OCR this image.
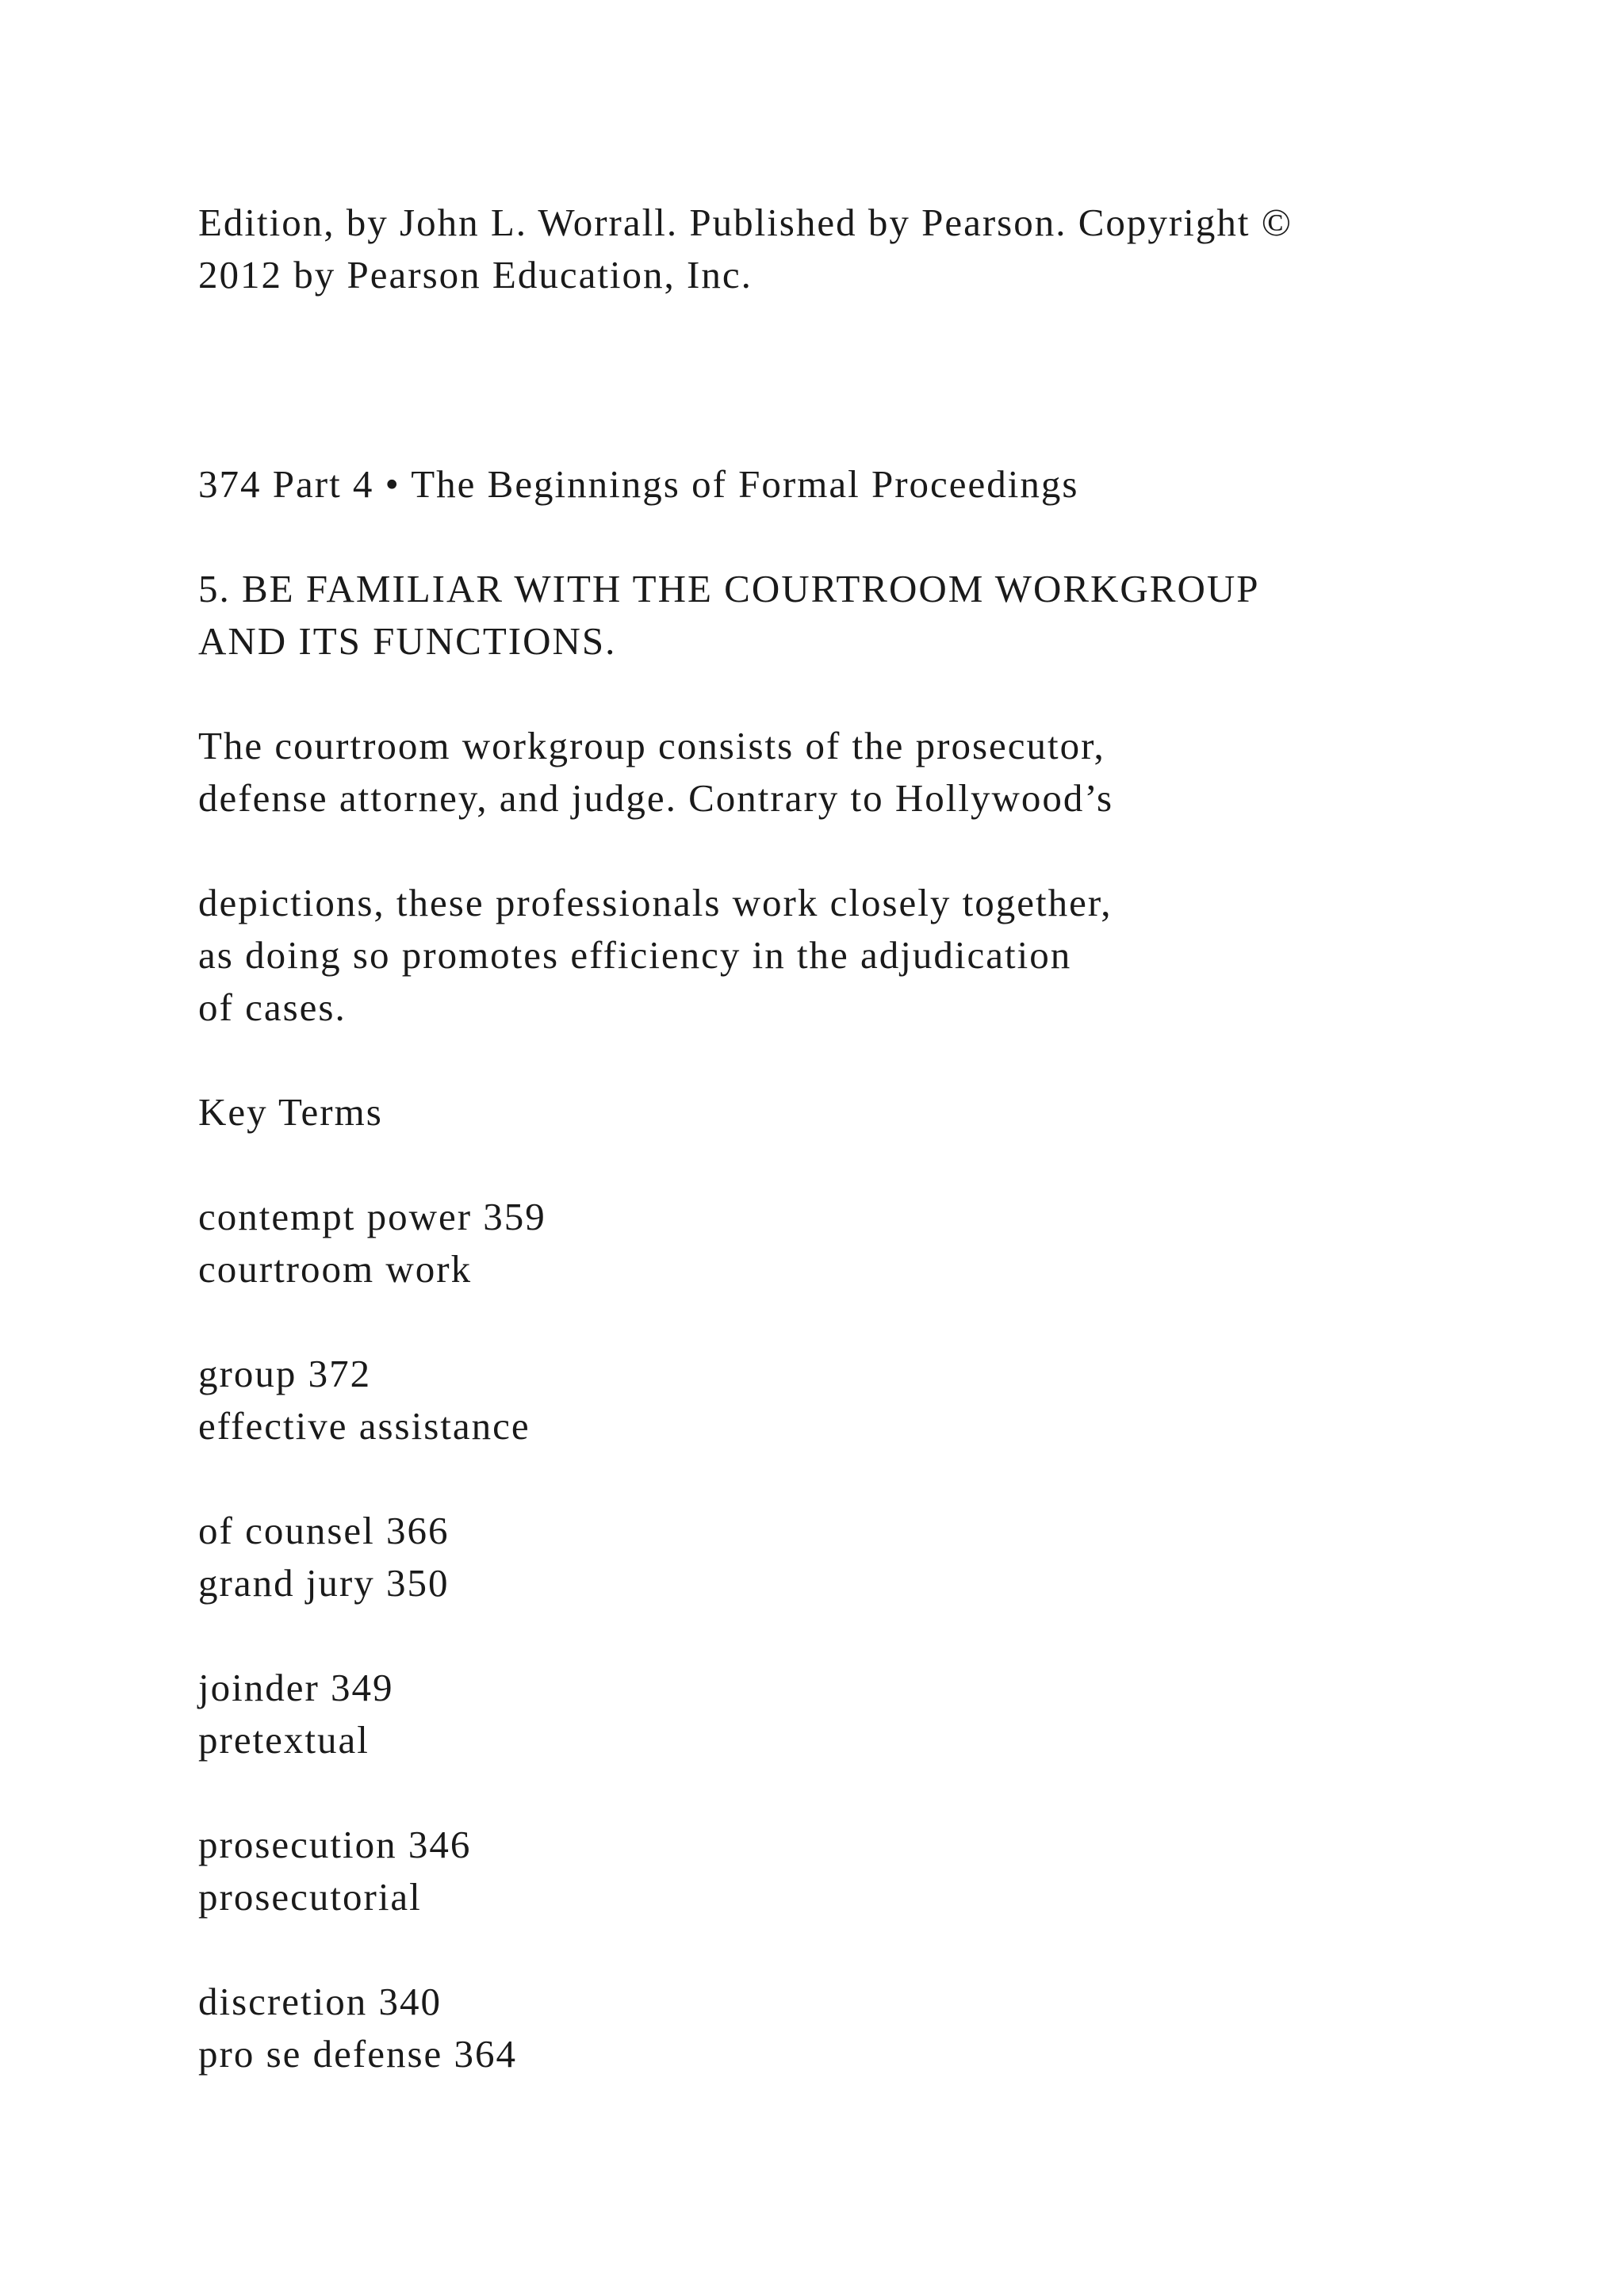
Edition, by John L. Worrall. Published by Pearson. Copyright ©

2012 by Pearson Education, Inc.

374 Part 4 • The Beginnings of Formal Proceedings

5. BE FAMILIAR WITH THE COURTROOM WORKGROUP

AND ITS FUNCTIONS.

The courtroom workgroup consists of the prosecutor,

defense attorney, and judge. Contrary to Hollywood’s

depictions, these professionals work closely together,

as doing so promotes efficiency in the adjudication

of cases.

Key Terms

contempt power 359

courtroom work

group 372

effective assistance

of counsel 366

grand jury 350

joinder 349

pretextual

prosecution 346

prosecutorial

discretion 340

pro se defense 364
